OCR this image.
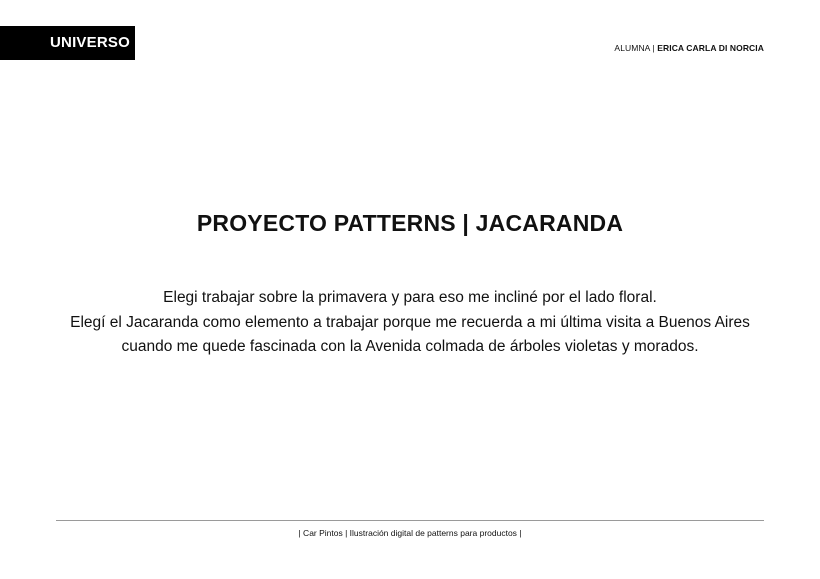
UNIVERSO	ALUMNA | ERICA CARLA DI NORCIA
PROYECTO PATTERNS | JACARANDA

Elegi trabajar sobre la primavera y para eso me incliné por el lado floral.
Elegí el Jacaranda como elemento a trabajar porque me recuerda a mi última visita a Buenos Aires
cuando me quede fascinada con la Avenida colmada de árboles violetas y morados.

| Car Pintos | Ilustración digital de patterns para productos |
